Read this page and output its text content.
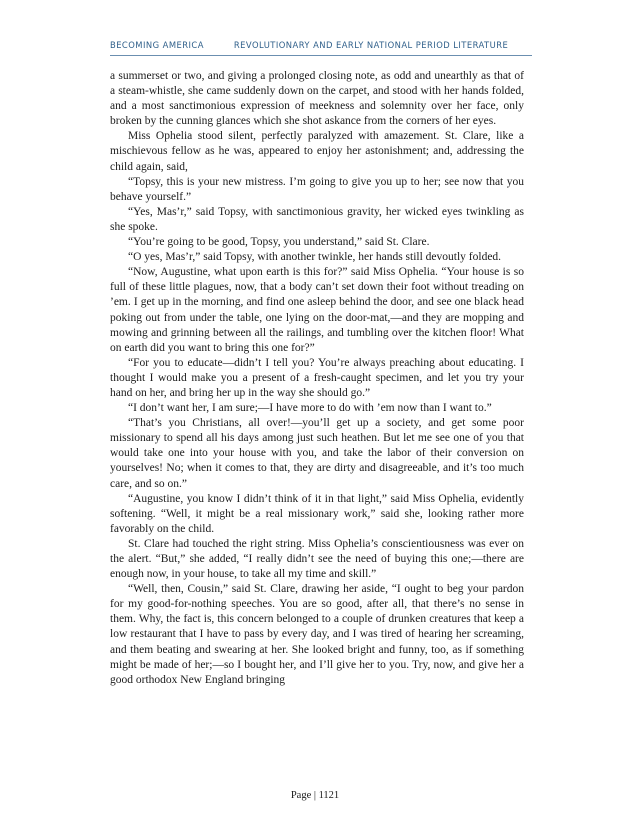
BECOMING AMERICA	REVOLUTIONARY AND EARLY NATIONAL PERIOD LITERATURE

a summerset or two, and giving a prolonged closing note, as odd and unearthly as that of a steam-whistle, she came suddenly down on the carpet, and stood with her hands folded, and a most sanctimonious expression of meekness and solemnity over her face, only broken by the cunning glances which she shot askance from the corners of her eyes.

Miss Ophelia stood silent, perfectly paralyzed with amazement. St. Clare, like a mischievous fellow as he was, appeared to enjoy her astonishment; and, addressing the child again, said,

“Topsy, this is your new mistress. I’m going to give you up to her; see now that you behave yourself.”

“Yes, Mas’r,” said Topsy, with sanctimonious gravity, her wicked eyes twinkling as she spoke.

“You’re going to be good, Topsy, you understand,” said St. Clare.

“O yes, Mas’r,” said Topsy, with another twinkle, her hands still devoutly folded.

“Now, Augustine, what upon earth is this for?” said Miss Ophelia. “Your house is so full of these little plagues, now, that a body can’t set down their foot without treading on ’em. I get up in the morning, and find one asleep behind the door, and see one black head poking out from under the table, one lying on the door-mat,—and they are mopping and mowing and grinning between all the railings, and tumbling over the kitchen floor! What on earth did you want to bring this one for?”

“For you to educate—didn’t I tell you? You’re always preaching about educating. I thought I would make you a present of a fresh-caught specimen, and let you try your hand on her, and bring her up in the way she should go.”

“I don’t want her, I am sure;—I have more to do with ’em now than I want to.”

“That’s you Christians, all over!—you’ll get up a society, and get some poor missionary to spend all his days among just such heathen. But let me see one of you that would take one into your house with you, and take the labor of their conversion on yourselves! No; when it comes to that, they are dirty and disagreeable, and it’s too much care, and so on.”

“Augustine, you know I didn’t think of it in that light,” said Miss Ophelia, evidently softening. “Well, it might be a real missionary work,” said she, looking rather more favorably on the child.

St. Clare had touched the right string. Miss Ophelia’s conscientiousness was ever on the alert. “But,” she added, “I really didn’t see the need of buying this one;—there are enough now, in your house, to take all my time and skill.”

“Well, then, Cousin,” said St. Clare, drawing her aside, “I ought to beg your pardon for my good-for-nothing speeches. You are so good, after all, that there’s no sense in them. Why, the fact is, this concern belonged to a couple of drunken creatures that keep a low restaurant that I have to pass by every day, and I was tired of hearing her screaming, and them beating and swearing at her. She looked bright and funny, too, as if something might be made of her;—so I bought her, and I’ll give her to you. Try, now, and give her a good orthodox New England bringing

Page | 1121
